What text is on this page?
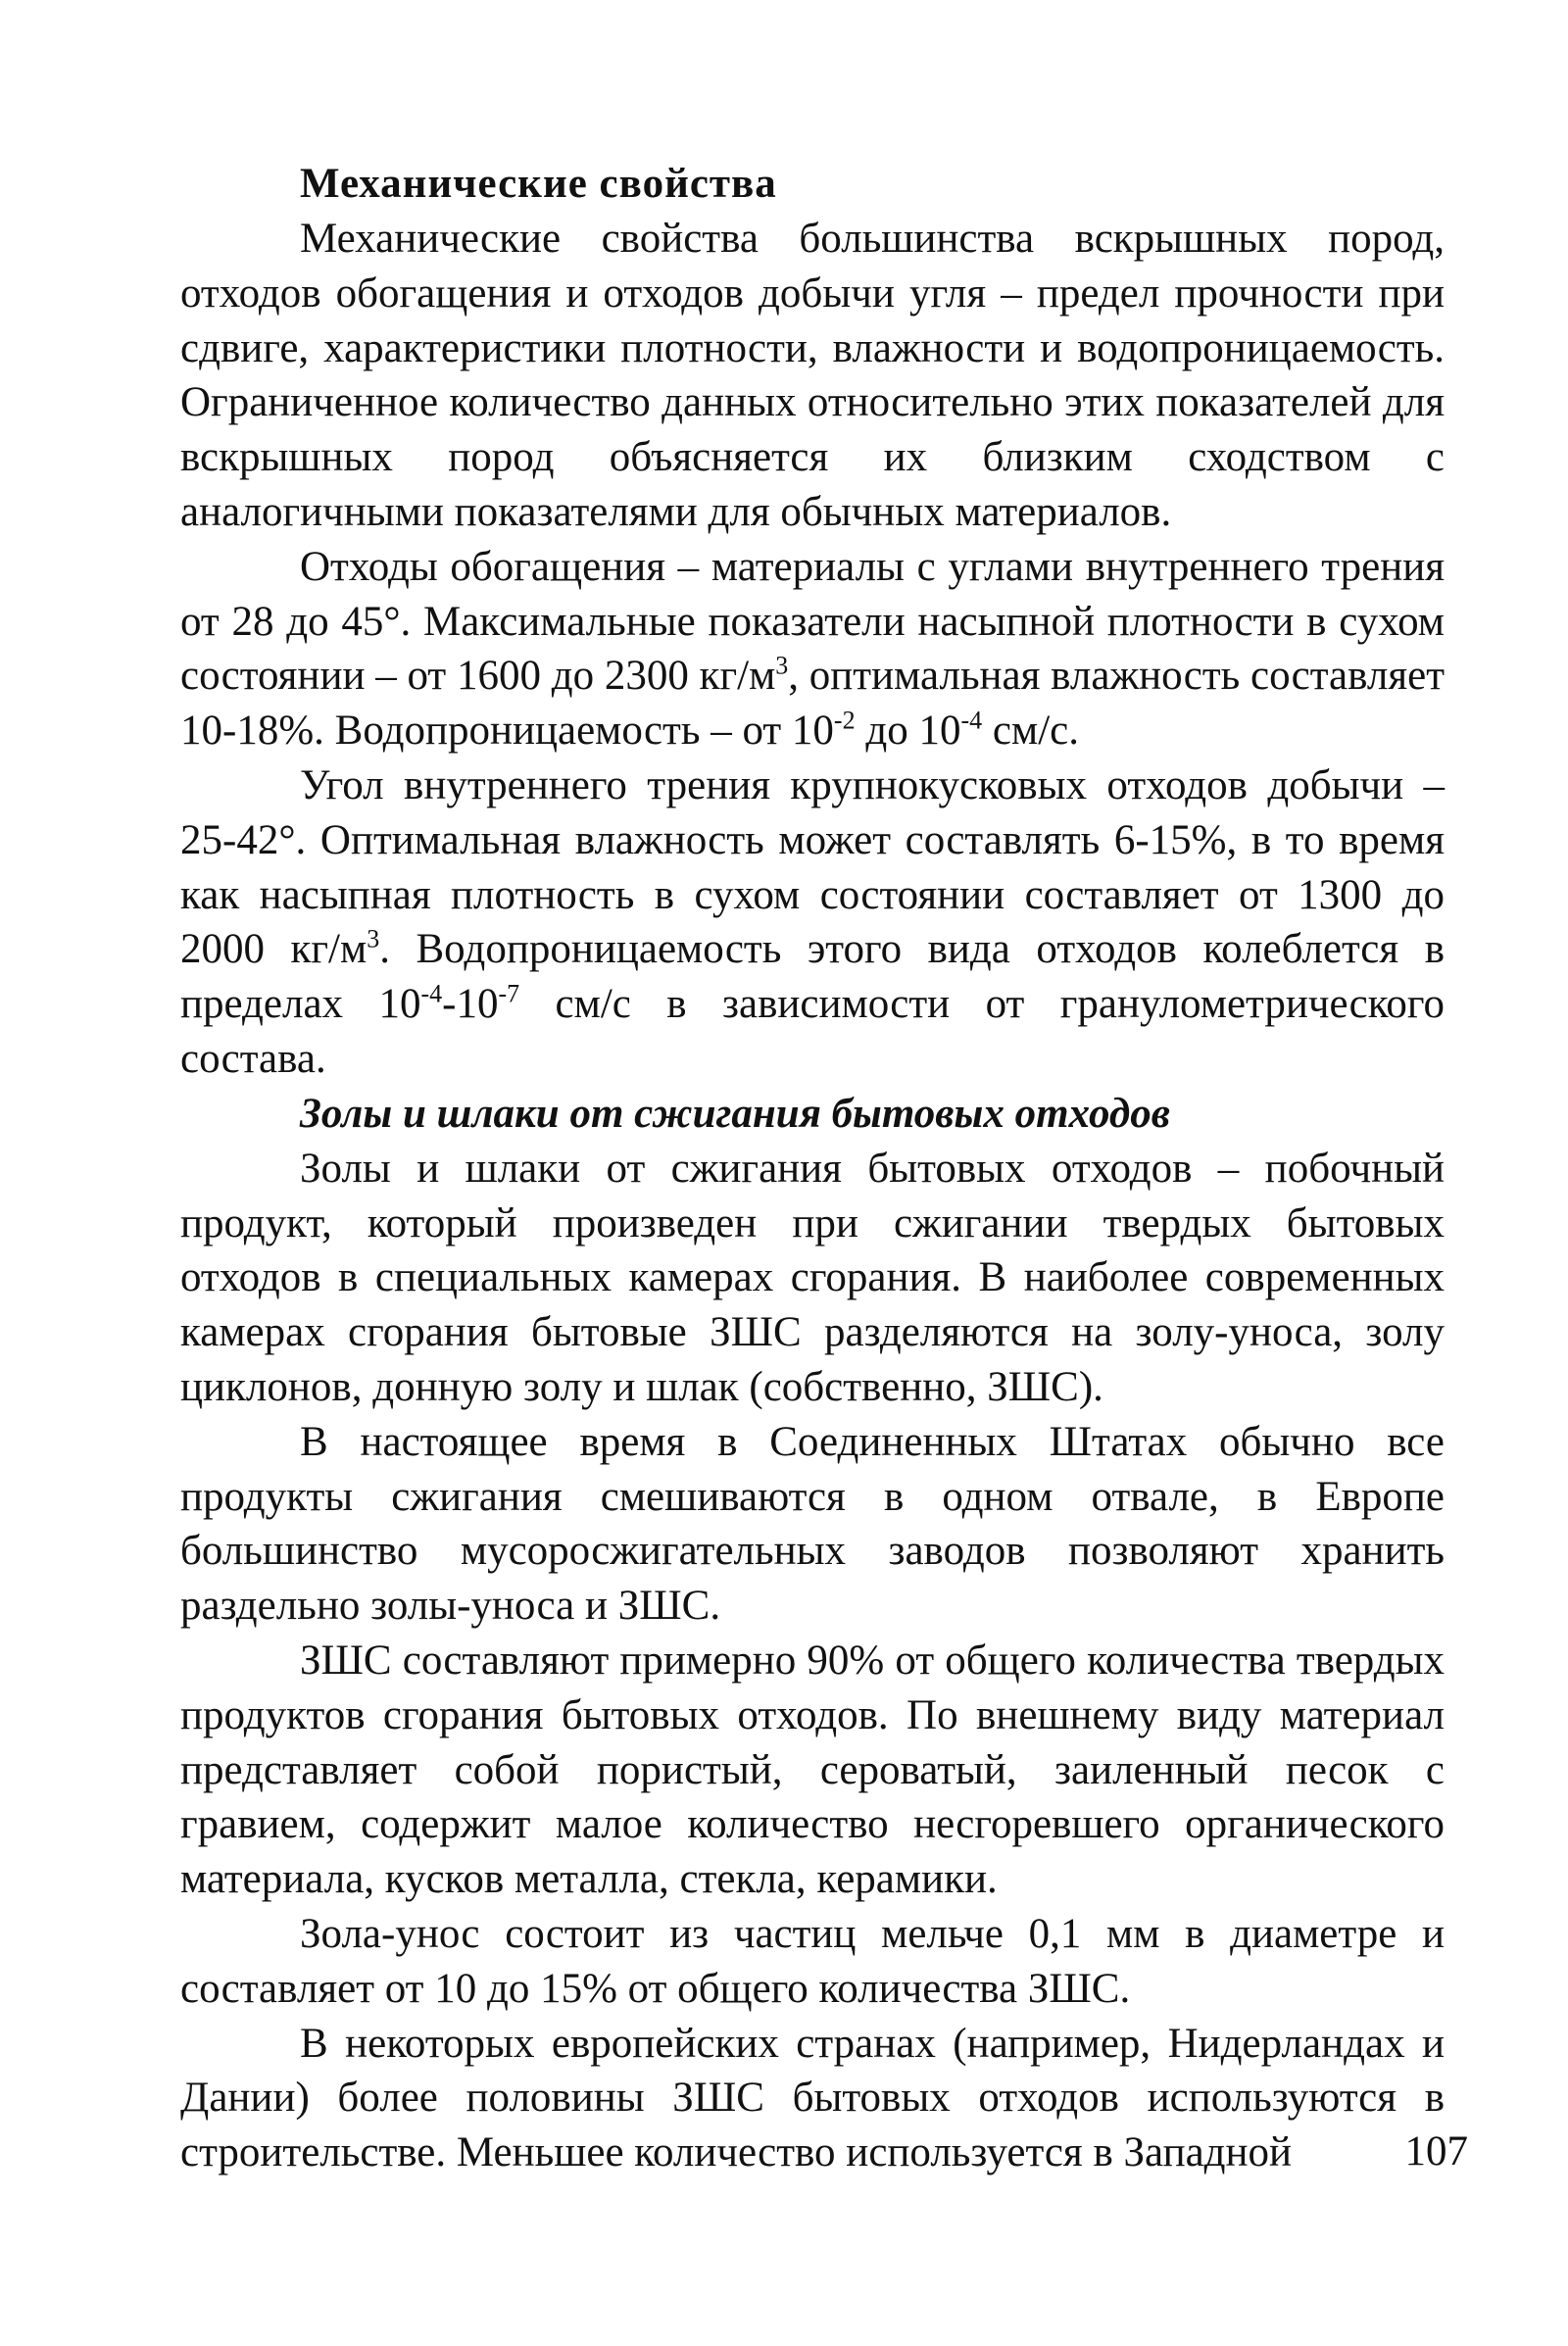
Механические свойства

Механические свойства большинства вскрышных пород, отходов обогащения и отходов добычи угля – предел прочности при сдвиге, характеристики плотности, влажности и водопроницаемость. Ограниченное количество данных относительно этих показателей для вскрышных пород объясняется их близким сходством с аналогичными показателями для обычных материалов.

Отходы обогащения – материалы с углами внутреннего трения от 28 до 45°. Максимальные показатели насыпной плотности в сухом состоянии – от 1600 до 2300 $кг/м^3$, оптимальная влажность составляет 10-18%. Водопроницаемость – от $10^{-2}$ до $10^{-4}$ см/с.

Угол внутреннего трения крупнокусковых отходов добычи – 25-42°. Оптимальная влажность может составлять 6-15%, в то время как насыпная плотность в сухом состоянии составляет от 1300 до 2000 $кг/м^3$. Водопроницаемость этого вида отходов колеблется в пределах $10^{-4}-10^{-7}$ см/с в зависимости от гранулометрического состава.

Золы и шлаки от сжигания бытовых отходов

Золы и шлаки от сжигания бытовых отходов – побочный продукт, который произведен при сжигании твердых бытовых отходов в специальных камерах сгорания. В наиболее современных камерах сгорания бытовые ЗШС разделяются на золу-уноса, золу циклонов, донную золу и шлак (собственно, ЗШС).

В настоящее время в Соединенных Штатах обычно все продукты сжигания смешиваются в одном отвале, в Европе большинство мусоросжигательных заводов позволяют хранить раздельно золы-уноса и ЗШС.

ЗШС составляют примерно 90% от общего количества твердых продуктов сгорания бытовых отходов. По внешнему виду материал представляет собой пористый, сероватый, заиленный песок с гравием, содержит малое количество несгоревшего органического материала, кусков металла, стекла, керамики.

Зола-унос состоит из частиц мельче 0,1 мм в диаметре и составляет от 10 до 15% от общего количества ЗШС.

В некоторых европейских странах (например, Нидерландах и Дании) более половины ЗШС бытовых отходов используются в строительстве. Меньшее количество используется в Западной	107
